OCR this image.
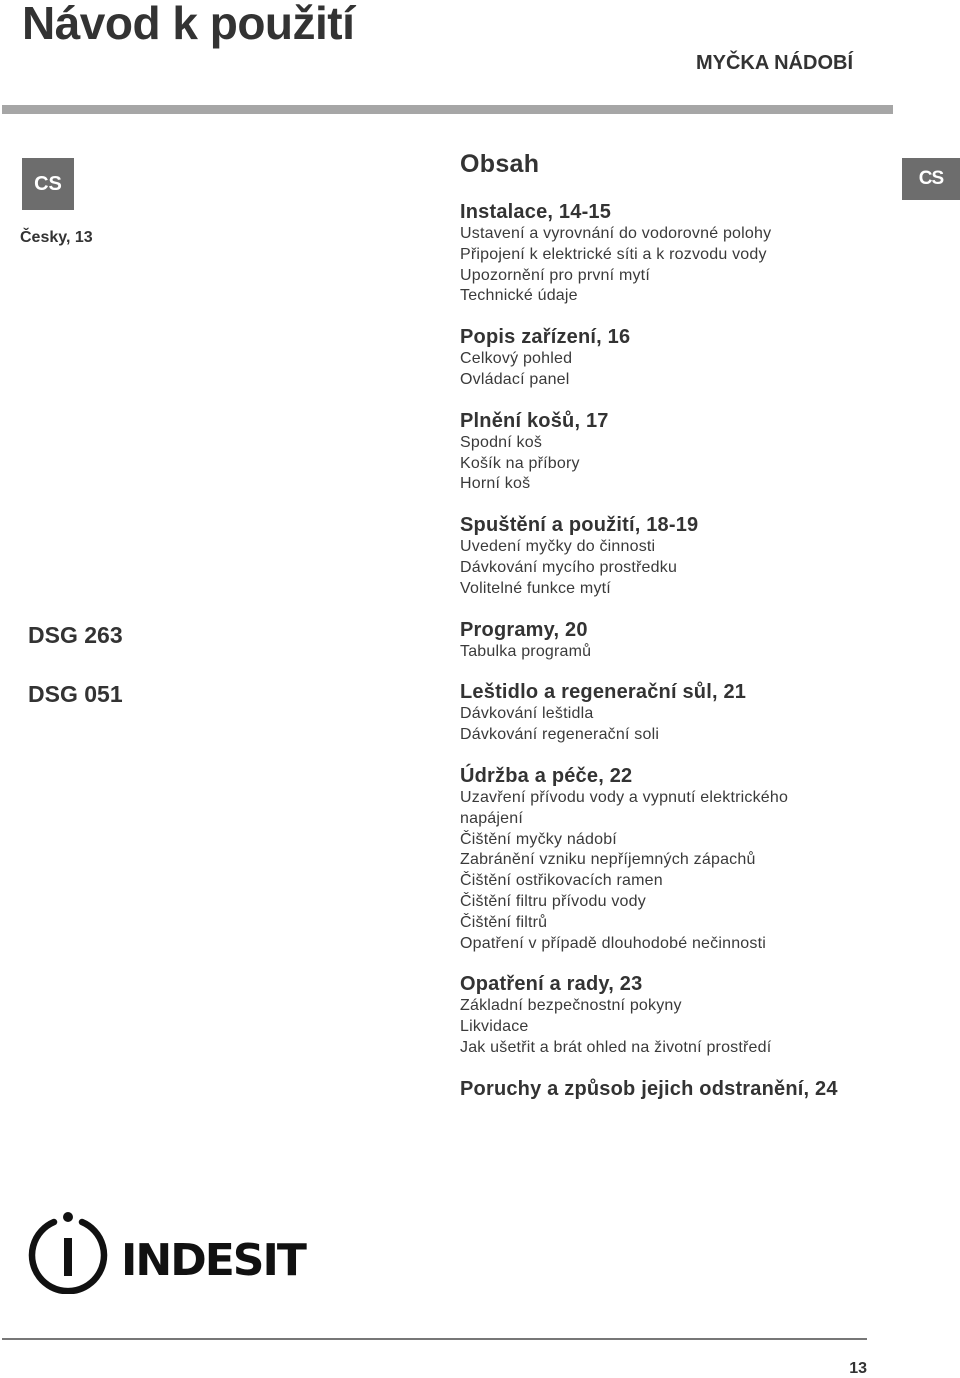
Návod k použití
MYČKA NÁDOBÍ
CS
Česky, 13
CS
DSG 263
DSG 051
Obsah
Instalace, 14-15
Ustavení a vyrovnání do vodorovné polohy
Připojení k elektrické síti a k rozvodu vody
Upozornění pro první mytí
Technické údaje
Popis zařízení, 16
Celkový pohled
Ovládací panel
Plnění košů, 17
Spodní koš
Košík na příbory
Horní koš
Spuštění a použití, 18-19
Uvedení myčky do činnosti
Dávkování mycího prostředku
Volitelné funkce mytí
Programy, 20
Tabulka programů
Leštidlo a regenerační sůl, 21
Dávkování leštidla
Dávkování regenerační soli
Údržba a péče, 22
Uzavření přívodu vody a vypnutí elektrického
napájení
Čištění myčky nádobí
Zabránění vzniku nepříjemných zápachů
Čištění ostřikovacích ramen
Čištění filtru přívodu vody
Čištění filtrů
Opatření v případě dlouhodobé nečinnosti
Opatření a rady, 23
Základní bezpečnostní pokyny
Likvidace
Jak ušetřit a brát ohled na životní prostředí
Poruchy a způsob jejich odstranění, 24
INDESIT
13
